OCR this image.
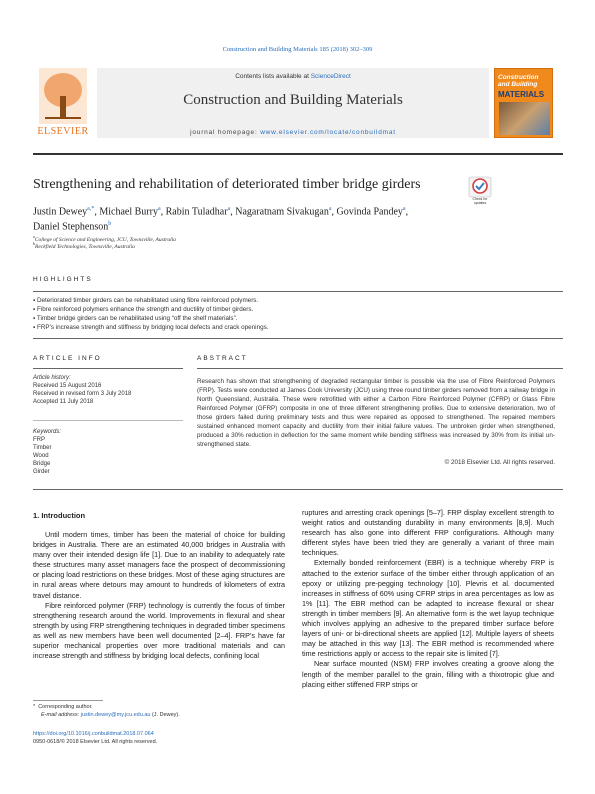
Construction and Building Materials 185 (2018) 302–309
ELSEVIER
Contents lists available at ScienceDirect
Construction and Building Materials
journal homepage: www.elsevier.com/locate/conbuildmat
Construction and Building
MATERIALS
Strengthening and rehabilitation of deteriorated timber bridge girders
Check for updates
Justin Dewey$^{a,*}$, Michael Burry$^a$, Rabin Tuladhar$^a$, Nagaratnam Sivakugan$^a$, Govinda Pandey$^a$,
Daniel Stephenson$^b$
$^a$College of Science and Engineering, JCU, Townsville, Australia
$^b$Reckfield Technologies, Townsville, Australia
HIGHLIGHTS
▪ Deteriorated timber girders can be rehabilitated using fibre reinforced polymers.
▪ Fibre reinforced polymers enhance the strength and ductility of timber girders.
▪ Timber bridge girders can be rehabilitated using “off the shelf materials”.
▪ FRP’s increase strength and stiffness by bridging local defects and crack openings.
ARTICLE INFO	ABSTRACT
Article history:
Received 15 August 2016
Received in revised form 3 July 2018
Accepted 11 July 2018
Keywords:
FRP
Timber
Wood
Bridge
Girder
Research has shown that strengthening of degraded rectangular timber is possible via the use of Fibre Reinforced Polymers (FRP). Tests were conducted at James Cook University (JCU) using three round timber girders removed from a railway bridge in North Queensland, Australia. These were retrofitted with either a Carbon Fibre Reinforced Polymer (CFRP) or Glass Fibre Reinforced Polymer (GFRP) composite in one of three different strengthening profiles. Due to extensive deterioration, two of those girders failed during preliminary tests and thus were repaired as opposed to strengthened. The repaired members sustained enhanced moment capacity and ductility from their initial failure values. The unbroken girder when strengthened, produced a 30% reduction in deflection for the same moment while bending stiffness was increased by 30% from its initial un-strengthened state.
© 2018 Elsevier Ltd. All rights reserved.
1. Introduction

Until modern times, timber has been the material of choice for building bridges in Australia. There are an estimated 40,000 bridges in Australia with many over their intended design life [1]. Due to an inability to adequately rate these structures many asset managers face the prospect of decommissioning or placing load restrictions on these bridges. Most of these aging structures are in rural areas where detours may amount to hundreds of kilometers of extra travel distance.

Fibre reinforced polymer (FRP) technology is currently the focus of timber strengthening research around the world. Improvements in flexural and shear strength by using FRP strengthening techniques in degraded timber specimens as well as new members have been well documented [2–4]. FRP’s have far superior mechanical properties over more traditional materials and can increase strength and stiffness by bridging local defects, confining local

ruptures and arresting crack openings [5–7]. FRP display excellent strength to weight ratios and outstanding durability in many environments [8,9]. Much research has also gone into different FRP configurations. Although many different styles have been tried they are generally a variant of three main techniques.

Externally bonded reinforcement (EBR) is a technique whereby FRP is attached to the exterior surface of the timber either through application of an epoxy or utilizing pre-pegging technology [10]. Plevris et al. documented increases in stiffness of 60% using CFRP strips in area percentages as low as 1% [11]. The EBR method can be adapted to increase flexural or shear strength in timber members [9]. An alternative form is the wet layup technique which involves applying an adhesive to the prepared timber surface before layers of uni- or bi-directional sheets are applied [12]. Multiple layers of sheets may be attached in this way [13]. The EBR method is recommended where time restrictions apply or access to the repair site is limited [7].

Near surface mounted (NSM) FRP involves creating a groove along the length of the member parallel to the grain, filling with a thixotropic glue and placing either stiffened FRP strips or

* Corresponding author.
E-mail address: justin.dewey@my.jcu.edu.au (J. Dewey).
https://doi.org/10.1016/j.conbuildmat.2018.07.064
0950-0618/© 2018 Elsevier Ltd. All rights reserved.
